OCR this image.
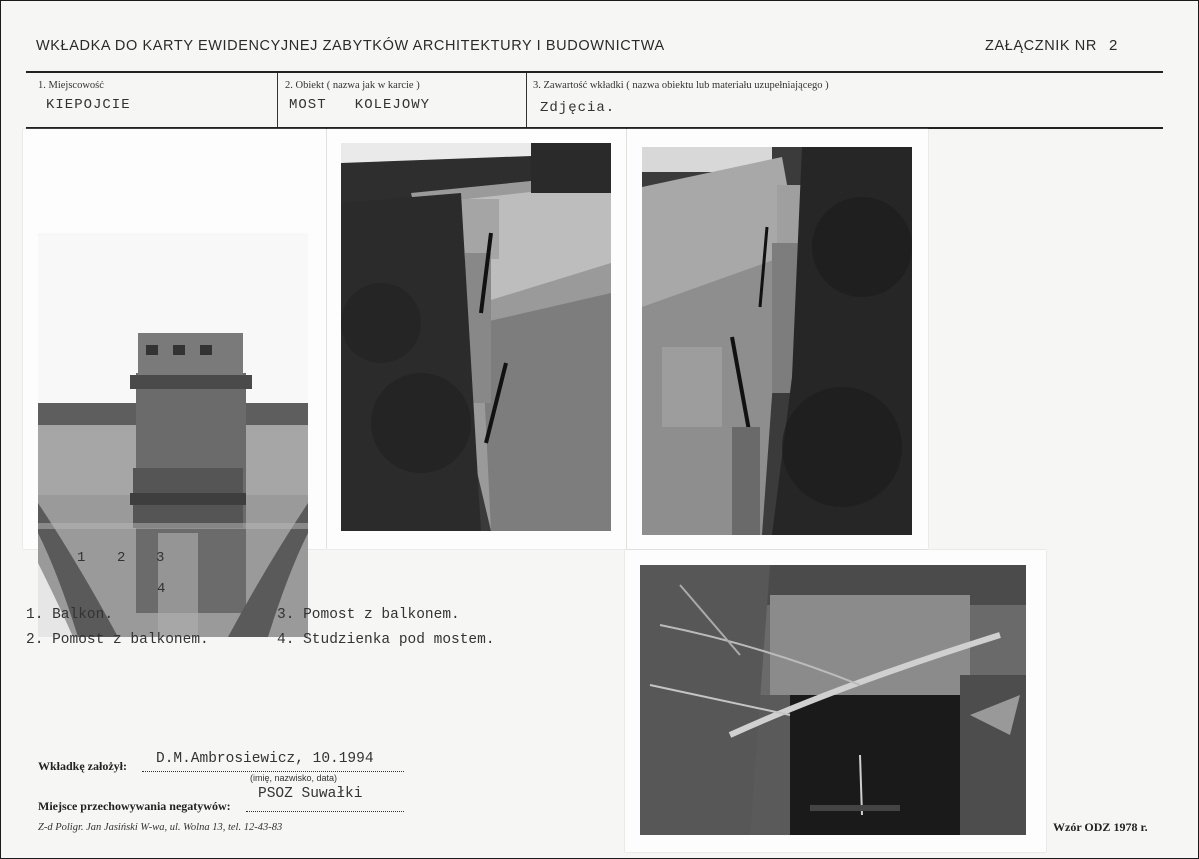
WKŁADKA DO KARTY EWIDENCYJNEJ ZABYTKÓW ARCHITEKTURY I BUDOWNICTWA	ZAŁĄCZNIK NR 2
1. Miejscowość
KIEPOJCIE
2. Obiekt ( nazwa jak w karcie )
MOST   KOLEJOWY
3. Zawartość wkładki ( nazwa obiektu lub materiału uzupełniającego )
Zdjęcia.
1 2 3
4
1. Balkon.
2. Pomost z balkonem.
3. Pomost z balkonem.
4. Studzienka pod mostem.
Wkładkę założył: D.M.Ambrosiewicz, 10.1994
(imię, nazwisko, data)
Miejsce przechowywania negatywów:
PSOZ Suwałki
Z-d Poligr. Jan Jasiński W-wa, ul. Wolna 13, tel. 12-43-83	Wzór ODZ 1978 r.
